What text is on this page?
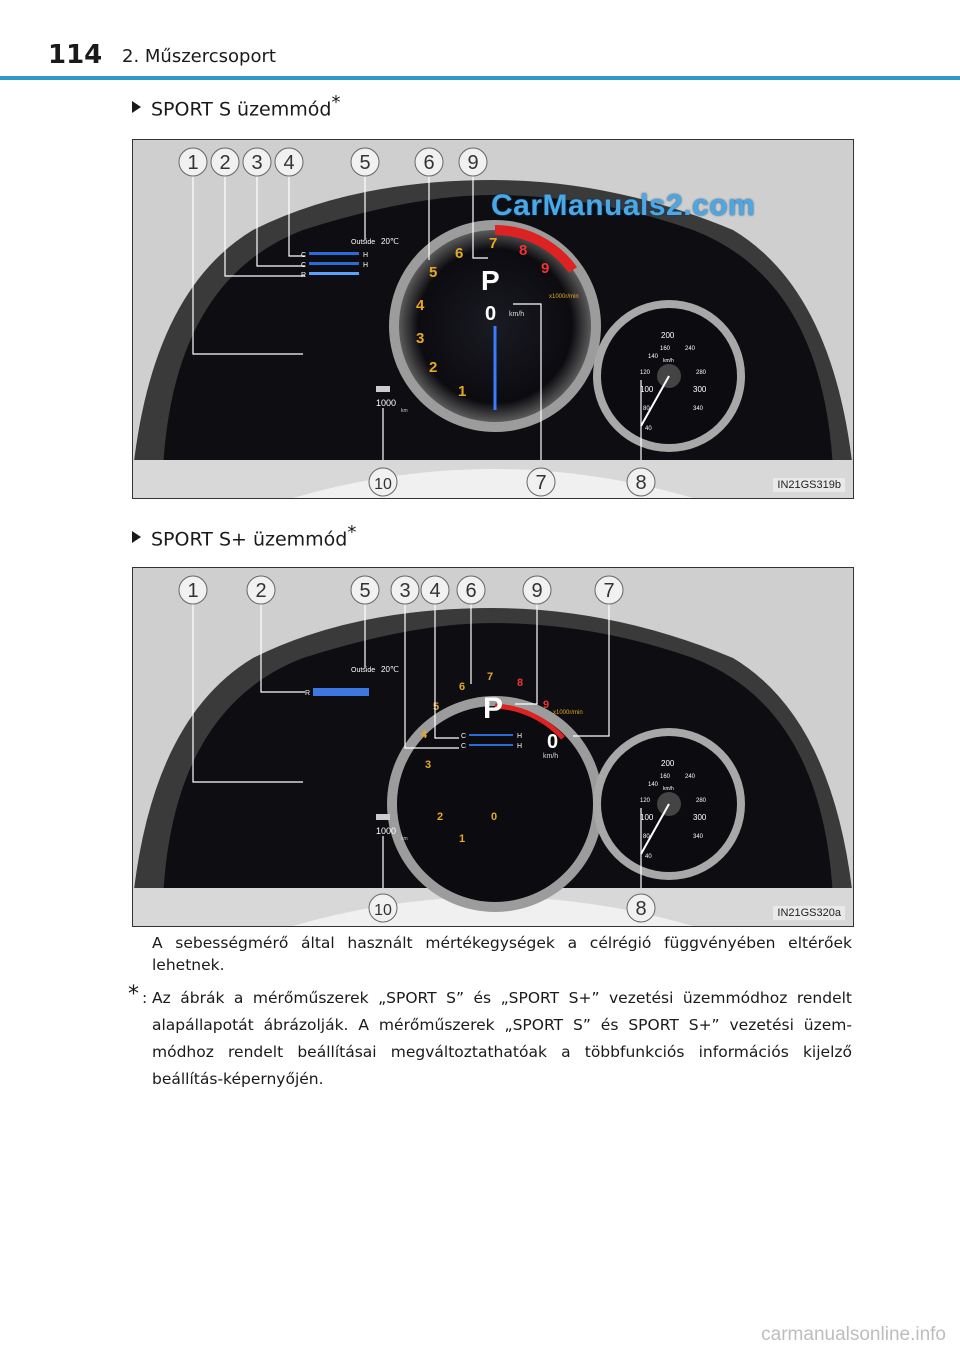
114 2. Műszercsoport
SPORT S üzemmód*
1
2
3
4
5
6
7 8
9
P
0 km/h
x1000r/min
Outside 20℃
C	H
C	H
R
1000
km
40
80
100
120
140
160
200
240
280
300
340
km/h
1 2 3 4	5	6 9
10	7	8
CarManuals2.com
IN21GS319b
SPORT S+ üzemmód*
0
1
2
3
4
5
6
7 8
9
P
0
km/h
x1000r/min
C	H
C	H
Outside 20℃
R
1000
km
40
80
100
120
140
160
200
240
280
300
340
km/h
1	2	5 3 4 6	9	7
10	8	IN21GS320a
A sebességmérő által használt mértékegységek a célrégió függvényében eltérőek lehetnek.
* : Az ábrák a mérőműszerek „SPORT S” és „SPORT S+” vezetési üzemmódhoz rendelt alapállapotát ábrázolják. A mérőműszerek „SPORT S” és SPORT S+” vezetési üzem-módhoz rendelt beállításai megváltoztathatóak a többfunkciós információs kijelző beállítás-képernyőjén.
carmanualsonline.info
